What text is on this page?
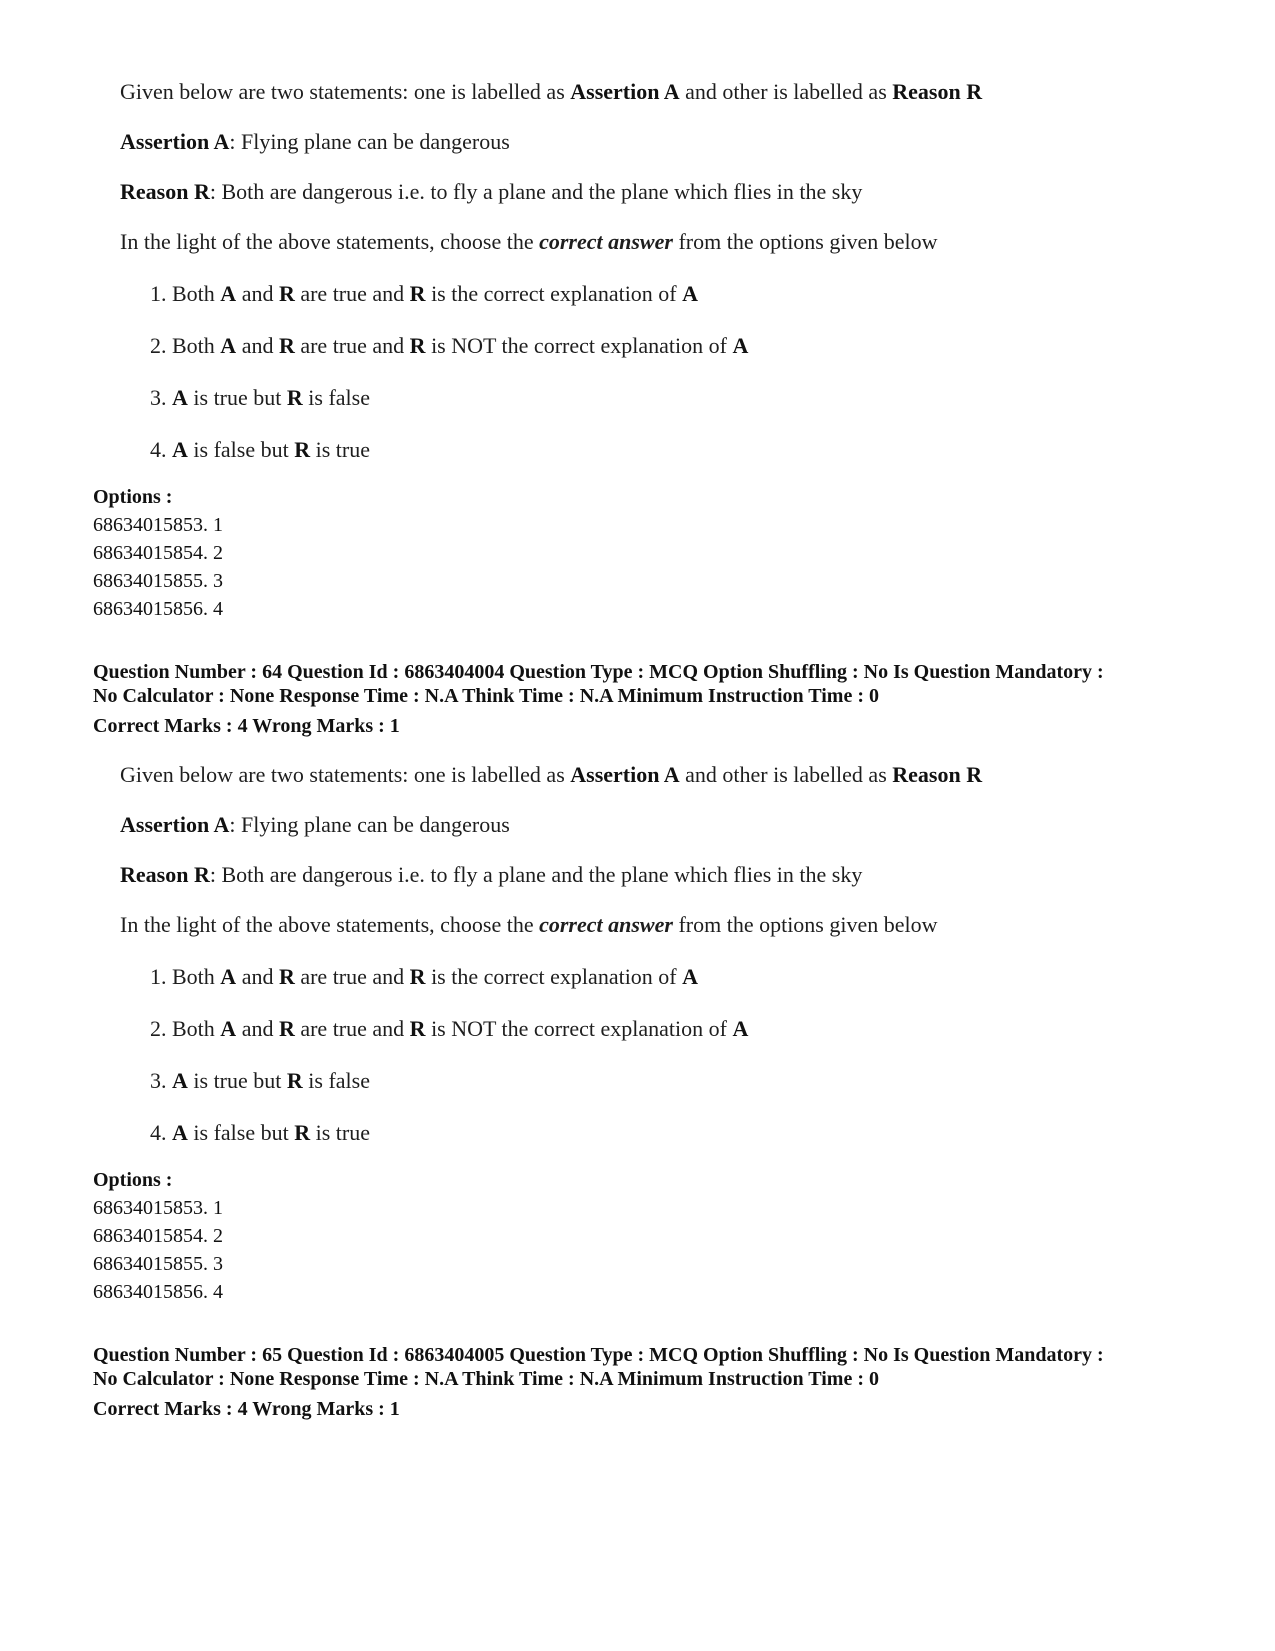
Given below are two statements: one is labelled as Assertion A and other is labelled as Reason R
Assertion A: Flying plane can be dangerous
Reason R: Both are dangerous i.e. to fly a plane and the plane which flies in the sky
In the light of the above statements, choose the correct answer from the options given below
1. Both A and R are true and R is the correct explanation of A
2. Both A and R are true and R is NOT the correct explanation of A
3. A is true but R is false
4. A is false but R is true
Options :
68634015853. 1
68634015854. 2
68634015855. 3
68634015856. 4
Question Number : 64 Question Id : 6863404004 Question Type : MCQ Option Shuffling : No Is Question Mandatory :
No Calculator : None Response Time : N.A Think Time : N.A Minimum Instruction Time : 0
Correct Marks : 4 Wrong Marks : 1
Given below are two statements: one is labelled as Assertion A and other is labelled as Reason R
Assertion A: Flying plane can be dangerous
Reason R: Both are dangerous i.e. to fly a plane and the plane which flies in the sky
In the light of the above statements, choose the correct answer from the options given below
1. Both A and R are true and R is the correct explanation of A
2. Both A and R are true and R is NOT the correct explanation of A
3. A is true but R is false
4. A is false but R is true
Options :
68634015853. 1
68634015854. 2
68634015855. 3
68634015856. 4
Question Number : 65 Question Id : 6863404005 Question Type : MCQ Option Shuffling : No Is Question Mandatory :
No Calculator : None Response Time : N.A Think Time : N.A Minimum Instruction Time : 0
Correct Marks : 4 Wrong Marks : 1
